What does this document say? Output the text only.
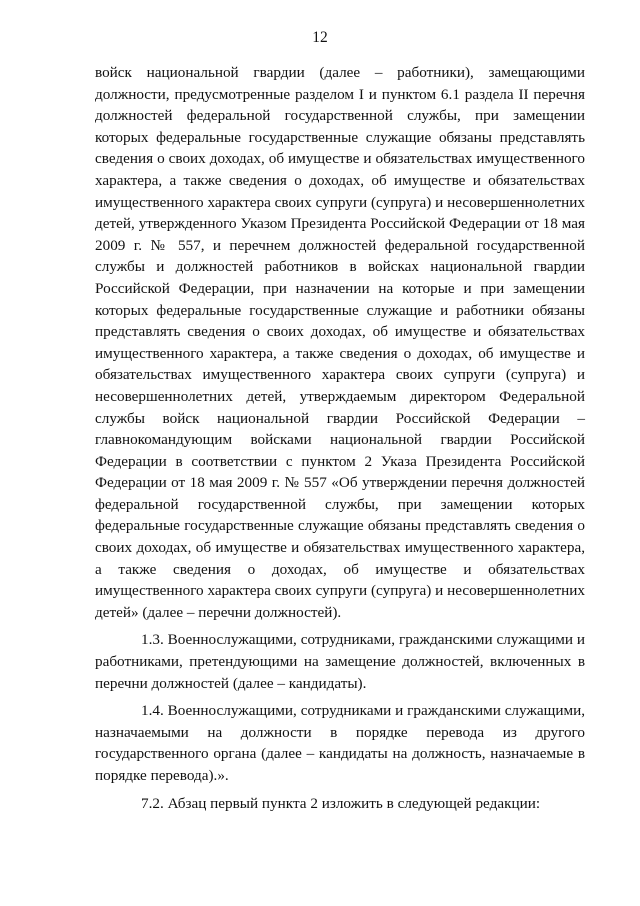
12

войск национальной гвардии (далее – работники), замещающими должности, предусмотренные разделом I и пунктом 6.1 раздела II перечня должностей федеральной государственной службы, при замещении которых федеральные государственные служащие обязаны представлять сведения о своих доходах, об имуществе и обязательствах имущественного характера, а также сведения о доходах, об имуществе и обязательствах имущественного характера своих супруги (супруга) и несовершеннолетних детей, утвержденного Указом Президента Российской Федерации от 18 мая 2009 г. № 557, и перечнем должностей федеральной государственной службы и должностей работников в войсках национальной гвардии Российской Федерации, при назначении на которые и при замещении которых федеральные государственные служащие и работники обязаны представлять сведения о своих доходах, об имуществе и обязательствах имущественного характера, а также сведения о доходах, об имуществе и обязательствах имущественного характера своих супруги (супруга) и несовершеннолетних детей, утверждаемым директором Федеральной службы войск национальной гвардии Российской Федерации – главнокомандующим войсками национальной гвардии Российской Федерации в соответствии с пунктом 2 Указа Президента Российской Федерации от 18 мая 2009 г. № 557 «Об утверждении перечня должностей федеральной государственной службы, при замещении которых федеральные государственные служащие обязаны представлять сведения о своих доходах, об имуществе и обязательствах имущественного характера, а также сведения о доходах, об имуществе и обязательствах имущественного характера своих супруги (супруга) и несовершеннолетних детей» (далее – перечни должностей).

1.3. Военнослужащими, сотрудниками, гражданскими служащими и работниками, претендующими на замещение должностей, включенных в перечни должностей (далее – кандидаты).

1.4. Военнослужащими, сотрудниками и гражданскими служащими, назначаемыми на должности в порядке перевода из другого государственного органа (далее – кандидаты на должность, назначаемые в порядке перевода).».

7.2. Абзац первый пункта 2 изложить в следующей редакции:
